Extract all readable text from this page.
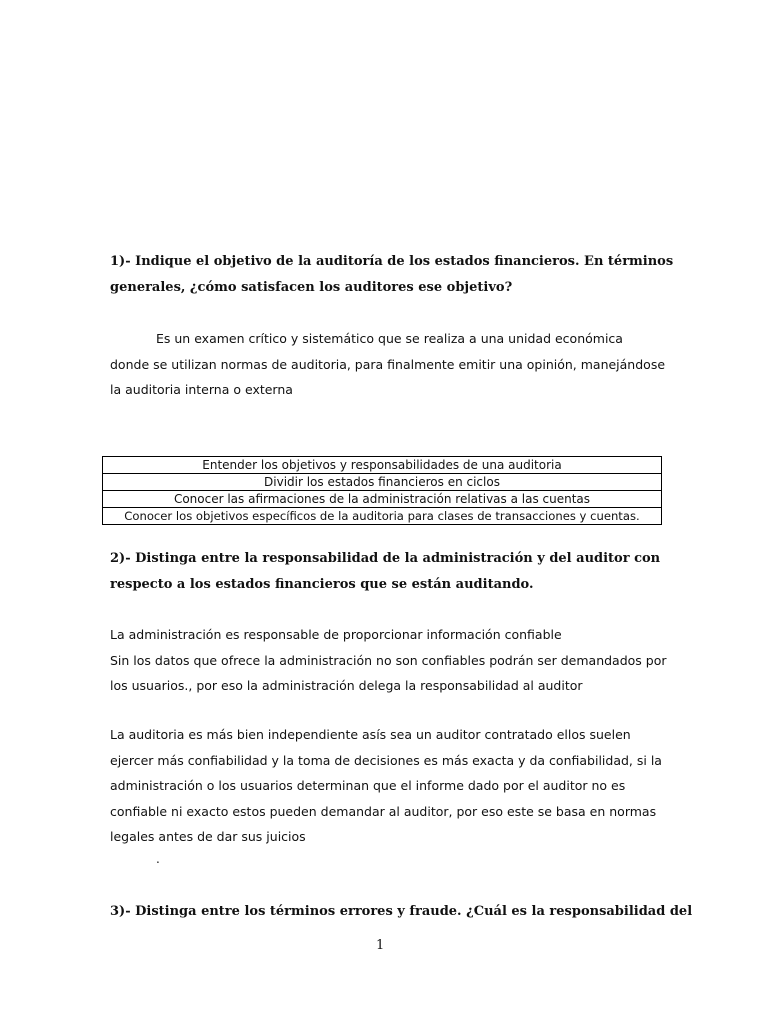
1)- Indique el objetivo de la auditoría de los estados financieros. En términos
generales, ¿cómo satisfacen los auditores ese objetivo?

Es un examen crítico y sistemático que se realiza a una unidad económica
donde se utilizan normas de auditoria, para finalmente emitir una opinión, manejándose
la auditoria interna o externa

Entender los objetivos y responsabilidades de una auditoria
Dividir los estados financieros en ciclos
Conocer las afirmaciones de la administración relativas a las cuentas
Conocer los objetivos específicos de la auditoria para clases de transacciones y cuentas.

2)- Distinga entre la responsabilidad de la administración y del auditor con
respecto a los estados financieros que se están auditando.

La administración es responsable de proporcionar información confiable
Sin los datos que ofrece la administración no son confiables podrán ser demandados por
los usuarios., por eso la administración delega la responsabilidad al auditor

La auditoria es más bien independiente asís sea un auditor contratado ellos suelen
ejercer más confiabilidad y la toma de decisiones es más exacta y da confiabilidad, si la
administración o los usuarios determinan que el informe dado por el auditor no es
confiable ni exacto estos pueden demandar al auditor, por eso este se basa en normas
legales antes de dar sus juicios

.

3)- Distinga entre los términos errores y fraude. ¿Cuál es la responsabilidad del

1
